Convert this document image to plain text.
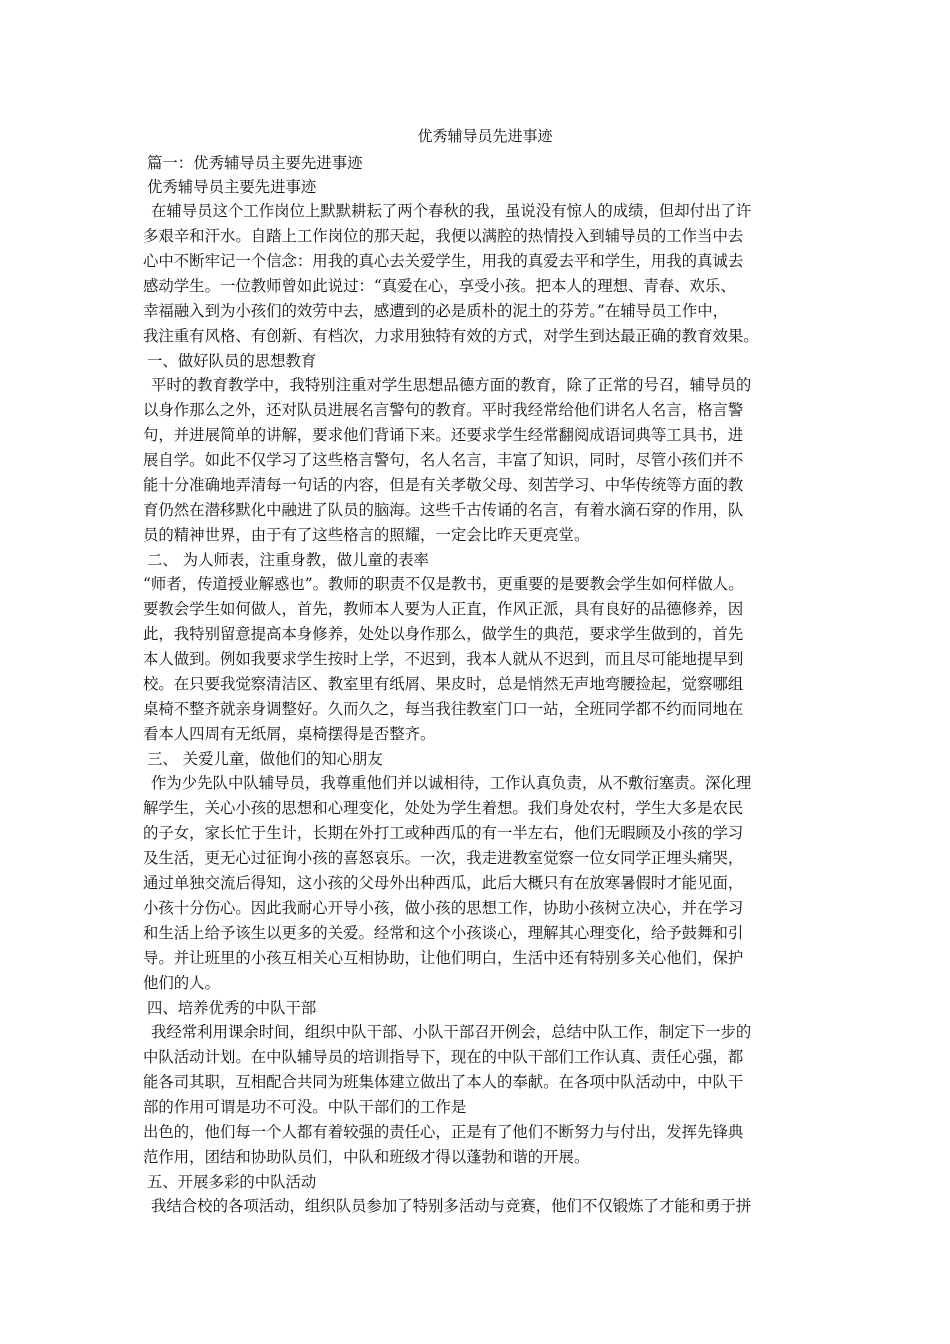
优秀辅导员先进事迹
篇一：优秀辅导员主要先进事迹
优秀辅导员主要先进事迹
在辅导员这个工作岗位上默默耕耘了两个春秋的我，虽说没有惊人的成绩，但却付出了许
多艰辛和汗水。自踏上工作岗位的那天起，我便以满腔的热情投入到辅导员的工作当中去
心中不断牢记一个信念：用我的真心去关爱学生，用我的真爱去平和学生，用我的真诚去
感动学生。一位教师曾如此说过：“真爱在心，享受小孩。把本人的理想、青春、欢乐、
幸福融入到为小孩们的效劳中去，感遭到的必是质朴的泥土的芬芳。”在辅导员工作中，
我注重有风格、有创新、有档次，力求用独特有效的方式，对学生到达最正确的教育效果。
一、做好队员的思想教育
平时的教育教学中，我特别注重对学生思想品德方面的教育，除了正常的号召，辅导员的
以身作那么之外，还对队员进展名言警句的教育。平时我经常给他们讲名人名言，格言警
句，并进展简单的讲解，要求他们背诵下来。还要求学生经常翻阅成语词典等工具书，进
展自学。如此不仅学习了这些格言警句，名人名言，丰富了知识，同时，尽管小孩们并不
能十分准确地弄清每一句话的内容，但是有关孝敬父母、刻苦学习、中华传统等方面的教
育仍然在潜移默化中融进了队员的脑海。这些千古传诵的名言，有着水滴石穿的作用，队
员的精神世界，由于有了这些格言的照耀，一定会比昨天更亮堂。
二、 为人师表，注重身教，做儿童的表率
“师者，传道授业解惑也”。教师的职责不仅是教书，更重要的是要教会学生如何样做人。
要教会学生如何做人，首先，教师本人要为人正直，作风正派，具有良好的品德修养，因
此，我特别留意提高本身修养，处处以身作那么，做学生的典范，要求学生做到的，首先
本人做到。例如我要求学生按时上学，不迟到，我本人就从不迟到，而且尽可能地提早到
校。在只要我觉察清洁区、教室里有纸屑、果皮时，总是悄然无声地弯腰捡起，觉察哪组
桌椅不整齐就亲身调整好。久而久之，每当我往教室门口一站，全班同学都不约而同地在
看本人四周有无纸屑，桌椅摆得是否整齐。
三、 关爱儿童，做他们的知心朋友
作为少先队中队辅导员，我尊重他们并以诚相待，工作认真负责，从不敷衍塞责。深化理
解学生，关心小孩的思想和心理变化，处处为学生着想。我们身处农村，学生大多是农民
的子女，家长忙于生计，长期在外打工或种西瓜的有一半左右，他们无暇顾及小孩的学习
及生活，更无心过征询小孩的喜怒哀乐。一次，我走进教室觉察一位女同学正埋头痛哭，
通过单独交流后得知，这小孩的父母外出种西瓜，此后大概只有在放寒暑假时才能见面，
小孩十分伤心。因此我耐心开导小孩，做小孩的思想工作，协助小孩树立决心，并在学习
和生活上给予该生以更多的关爱。经常和这个小孩谈心，理解其心理变化，给予鼓舞和引
导。并让班里的小孩互相关心互相协助，让他们明白，生活中还有特别多关心他们，保护
他们的人。
四、培养优秀的中队干部
我经常利用课余时间，组织中队干部、小队干部召开例会，总结中队工作，制定下一步的
中队活动计划。在中队辅导员的培训指导下，现在的中队干部们工作认真、责任心强，都
能各司其职，互相配合共同为班集体建立做出了本人的奉献。在各项中队活动中，中队干
部的作用可谓是功不可没。中队干部们的工作是
出色的，他们每一个人都有着较强的责任心，正是有了他们不断努力与付出，发挥先锋典
范作用，团结和协助队员们，中队和班级才得以蓬勃和谐的开展。
五、开展多彩的中队活动
我结合校的各项活动，组织队员参加了特别多活动与竞赛，他们不仅锻炼了才能和勇于拼
